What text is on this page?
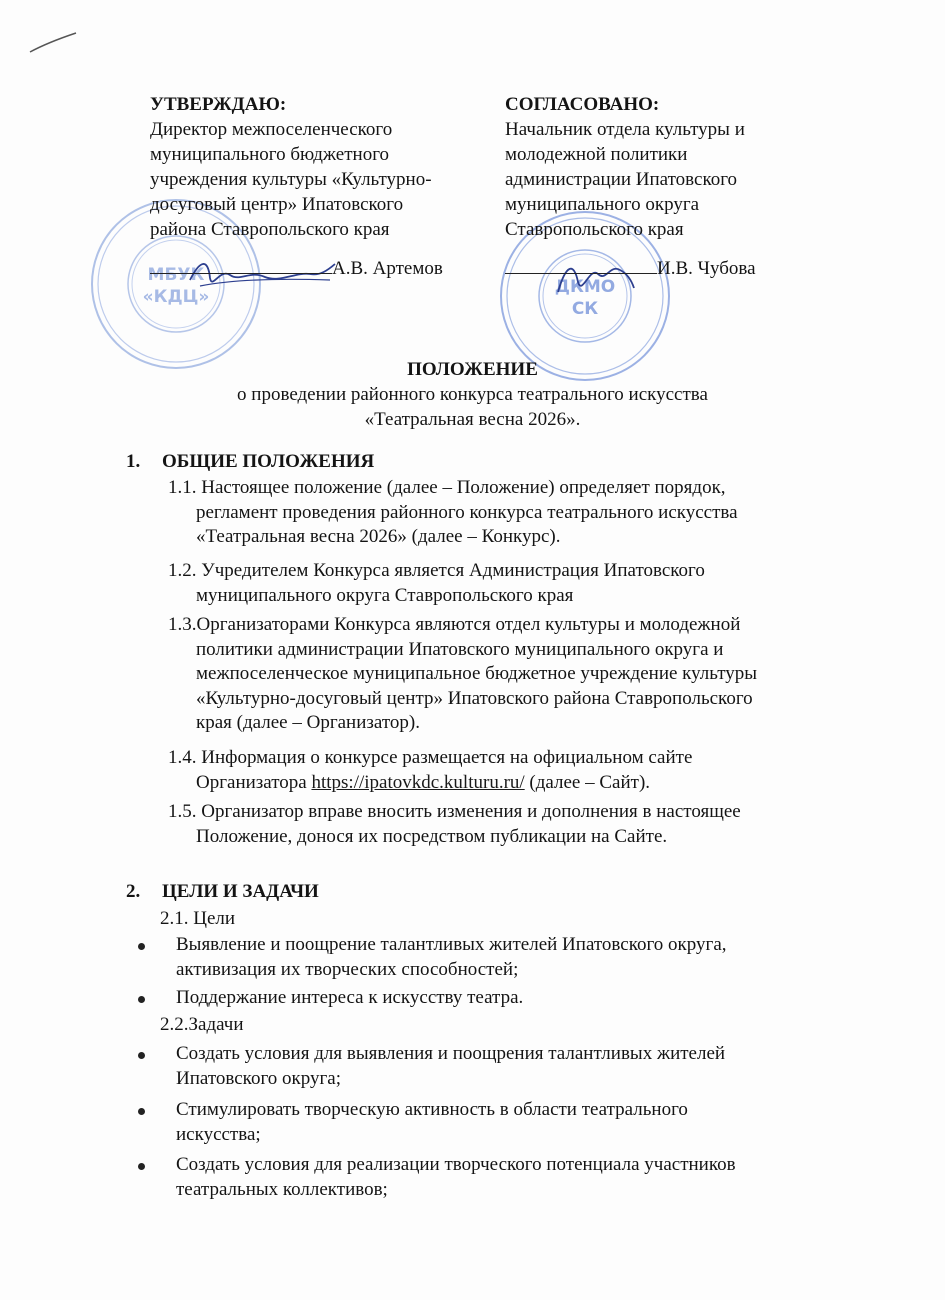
МБУК
«КДЦ»	ДКМО
СК
УТВЕРЖДАЮ:
Директор межпоселенческого
муниципального бюджетного
учреждения культуры «Культурно-
досуговый центр» Ипатовского
района Ставропольского края
А.В. Артемов
СОГЛАСОВАНО:
Начальник отдела культуры и
молодежной политики
администрации Ипатовского
муниципального округа
Ставропольского края
И.В. Чубова
ПОЛОЖЕНИЕ
о проведении районного конкурса театрального искусства
«Театральная весна 2026».
1. ОБЩИЕ ПОЛОЖЕНИЯ
1.1. Настоящее положение (далее – Положение) определяет порядок,
регламент проведения районного конкурса театрального искусства
«Театральная весна 2026» (далее – Конкурс).
1.2. Учредителем Конкурса является Администрация Ипатовского
муниципального округа Ставропольского края
1.3.Организаторами Конкурса являются отдел культуры и молодежной
политики администрации Ипатовского муниципального округа и
межпоселенческое муниципальное бюджетное учреждение культуры
«Культурно-досуговый центр» Ипатовского района Ставропольского
края (далее – Организатор).
1.4. Информация о конкурсе размещается на официальном сайте
Организатора https://ipatovkdc.kulturu.ru/ (далее – Сайт).
1.5. Организатор вправе вносить изменения и дополнения в настоящее
Положение, донося их посредством публикации на Сайте.
2. ЦЕЛИ И ЗАДАЧИ
2.1. Цели
Выявление и поощрение талантливых жителей Ипатовского округа,
активизация их творческих способностей;
Поддержание интереса к искусству театра.
2.2.Задачи
Создать условия для выявления и поощрения талантливых жителей
Ипатовского округа;
Стимулировать творческую активность в области театрального
искусства;
Создать условия для реализации творческого потенциала участников
театральных коллективов;
